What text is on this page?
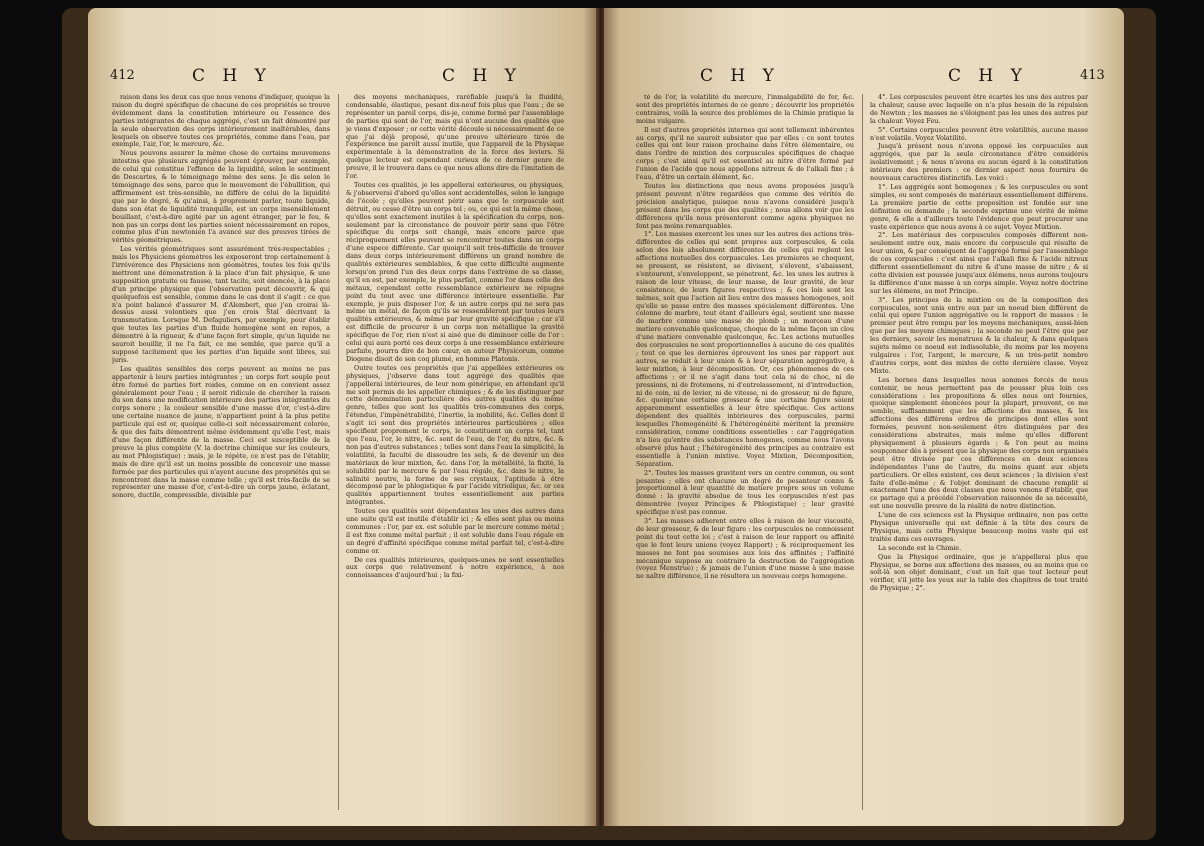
412	C H Y	C H Y

raison dans les deux cas que nous venons d'indiquer, quoique la raison du degré spécifique de chacune de ces propriétés se trouve évidemment dans la constitution intérieure ou l'essence des parties intégrantes de chaque aggrégé, c'est un fait démontré par la seule observation des corps intérieurement inaltérables, dans lesquels on observe toutes ces propriétés, comme dans l'eau, par exemple, l'air, l'or, le mercure, &c.

Nous pouvons assurer la même chose de certains mouvemens intestins que plusieurs aggrégés peuvent éprouver, par exemple, de celui qui constitue l'effence de la liquidité, selon le sentiment de Descartes, & le témoignage même des sens. Je dis selon le témoignage des sens, parce que le mouvement de l'ébullition, qui affirmement est très-sensible, ne diffère de celui de la liquidité que par le degré, & qu'ainsi, à proprement parler, toute liquide, dans son état de liquidité tranquille, est un corps insensiblement bouillant, c'est-à-dire agité par un agent étranger, par le feu, & non pas un corps dont les parties soient nécessairement en repos, comme plus d'un newtonien l'a avancé sur des preuves tirées de vérités géométriques.

Les vérités géométriques sont assurément très-respectables ; mais les Physiciens géomètres les exposeront trop certainement à l'irrévérence des Physiciens non géomètres, toutes les fois qu'ils mettront une démonstration à la place d'un fait physique, & une supposition gratuite ou fausse, tant tacite, soit énoncée, à la place d'un principe physique que l'observation peut découvrir, & qui quelquefois est sensible, comme dans le cas dont il s'agit : ce que n'a point balancé d'assurer M. d'Alembert, que j'en croirai là-dessus aussi volontiers que j'en crois Stal décrivant la transmutation. Lorsque M. Defaguliers, par exemple, pour établir que toutes les parties d'un fluide homogène sont en repos, a démontré à la rigueur, & d'une façon fort simple, qu'un liquide ne sauroit bouillir, il ne l'a fait, ce me semble, que parce qu'il a supposé tacitement que les parties d'un liquide sont libres, sui juris.

Les qualités sensibles des corps peuvent au moins ne pas appartenir à leurs parties intégrantes ; un corps fort souple peut être formé de parties fort roides, comme on en convient assez généralement pour l'eau ; il seroit ridicule de chercher la raison du son dans une modification intérieure des parties intégrantes du corps sonore ; la couleur sensible d'une masse d'or, c'est-à-dire une certaine nuance de jaune, n'appartient point à la plus petite particule qui est or, quoique celle-ci soit nécessairement colorée, & que des faits démontrent même évidemment qu'elle l'est, mais d'une façon différente de la masse. Ceci est susceptible de la preuve la plus complète (V. la doctrine chimique sur les couleurs, au mot Phlogistique) : mais, je le répète, ce n'est pas de l'établir, mais de dire qu'il est un moins possible de concevoir une masse formée par des particules qui n'ayent aucune des propriétés qui se rencontrent dans la masse comme telle ; qu'il est très-facile de se représenter une masse d'or, c'est-à-dire un corps jaune, éclatant, sonore, ductile, compressible, divisible par

des moyens méchaniques, raréfiable jusqu'à la fluidité, condensable, élastique, pesant dix-neuf fois plus que l'eau ; de se représenter un pareil corps, dis-je, comme formé par l'assemblage de parties qui sont de l'or, mais qui n'ont aucune des qualités que je viens d'exposer ; or cette vérité découle si nécessairement de ce que j'ai déjà proposé, qu'une preuve ultérieure tirée de l'expérience me paroît aussi inutile, que l'appareil de la Physique expérimentale à la démonstration de la force des leviers. Si quelque lecteur est cependant curieux de ce dernier genre de preuve, il le trouvera dans ce que nous allons dire de l'imitation de l'or.

Toutes ces qualités, je les appellerai extérieures, ou physiques, & j'observerai d'abord qu'elles sont accidentelles, selon le langage de l'école ; qu'elles peuvent périr sans que le corpuscule soit détruit, ou cesse d'être un corps tel ; ou, ce qui est la même chose, qu'elles sont exactement inutiles à la spécification du corps, non-seulement par la circonstance de pouvoir périr sans que l'être spécifique du corps soit changé, mais encore parce que réciproquement elles peuvent se rencontrer toutes dans un corps d'une espece différente. Car quoiqu'il soit très-difficile de trouver dans deux corps intérieurement différens un grand nombre de qualités extérieures semblables, & que cette difficulté augmente lorsqu'on prend l'un des deux corps dans l'extrème de sa classe, qu'il en est, par exemple, le plus parfait, comme l'or dans celle des métaux, cependant cette ressemblance extérieure ne répugne point du tout avec une différence intérieure essentielle. Par exemple, je puis disposer l'or, & un autre corps qui ne sera pas même un métal, de façon qu'ils se ressembleront par toutes leurs qualités extérieures, & même par leur gravité spécifique ; car s'il est difficile de procurer à un corps non métallique la gravité spécifique de l'or, rien n'est si aisé que de diminuer celle de l'or : celui qui aura porté ces deux corps à une ressemblance extérieure parfaite, pourra dire de bon cœur, en auteur Physicorum, comme Diogene disoit de son coq plumé, en homme Platonis.

Outre toutes ces propriétés que j'ai appellées extérieures ou physiques, j'observe dans tout aggrégé des qualités que j'appellerai intérieures, de leur nom générique, en attendant qu'il me soit permis de les appeller chimiques ; & de les distinguer par cette dénomination particulière des autres qualités du même genre, telles que sont les qualités très-communes des corps, l'étendue, l'impénétrabilité, l'inertie, la mobilité, &c. Celles dont il s'agit ici sont des propriétés intérieures particulières ; elles spécifient proprement le corps, le constituent un corps tel, tant que l'eau, l'or, le nitre, &c. sont de l'eau, de l'or, du nitre, &c. & non pas d'autres substances ; telles sont dans l'eau la simplicité, la volatilité, la faculté de dissoudre les sels, & de devenir un des matériaux de leur mixtion, &c. dans l'or, la métalléité, la fixité, la solubilité par le mercure & par l'eau régale, &c. dans le nitre, la salinité neutre, la forme de ses crystaux, l'aptitude à être décomposé par le phlogistique & par l'acide vitriolique, &c. or ces qualités appartiennent toutes essentiellement aux parties intégrantes.

Toutes ces qualités sont dépendantes les unes des autres dans une suite qu'il est inutile d'établir ici ; & elles sont plus ou moins communes : l'or, par ex. est soluble par le mercure comme métal ; il est fixe comme métal parfait ; il est soluble dans l'eau régale en un degré d'affinité spécifique comme métal parfait tel, c'est-à-dire comme or.

De ces qualités intérieures, quelques-unes ne sont essentielles aux corps que relativement à notre expérience, à nos connoissances d'aujourd'hui ; la fixi-

C H Y	C H Y	413

té de l'or, la volatilité du mercure, l'inmalgabilité de fer, &c. sont des propriétés internes de ce genre ; découvrir les propriétés contraires, voilà la source des problèmes de la Chimie pratique la moins vulgaire.

Il est d'autres propriétés internes qui sont tellement inhérentes au corps, qu'il ne sauroit subsister que par elles : ce sont toutes celles qui ont leur raison prochaine dans l'être élémentaire, ou dans l'ordre de mixtion des corpuscules spécifiques de chaque corps ; c'est ainsi qu'il est essentiel au nitre d'être formé par l'union de l'acide que nous appellons nitreux & de l'alkali fixe ; à l'eau, d'être un certain élément, &c.

Toutes les distinctions que nous avons proposées jusqu'à présent peuvent n'être regardées que comme des vérités de précision analytique, puisque nous n'avons considéré jusqu'à présent dans les corps que des qualités ; nous allons voir que les différences qu'ils nous présenteront comme agens physiques ne font pas moins remarquables.

1°. Les masses exercent les unes sur les autres des actions très-différentes de celles qui sont propres aux corpuscules, & cela selon des lois absolument différentes de celles qui reglent les affections mutuelles des corpuscules. Les premieres se choquent, se pressent, se résistent, se divisent, s'élevent, s'abaissent, s'entourent, s'enveloppent, se pénetrent, &c. les unes les autres à raison de leur vitesse, de leur masse, de leur gravité, de leur consistence, de leurs figures respectives ; & ces lois sont les mêmes, soit que l'action ait lieu entre des masses homogenes, soit qu'elle se passe entre des masses spécialement différentes. Une colonne de marbre, tout étant d'ailleurs égal, soutient une masse de marbre comme une masse de plomb ; un morceau d'une matiere convenable quelconque, choque de la même façon un clou d'une matiere convenable quelconque, &c. Les actions mutuelles des corpuscules ne sont proportionnelles à aucune de ces qualités ; tout ce que les dernieres éprouvent les unes par rapport aux autres, se réduit à leur union & à leur séparation aggrégative, à leur mixtion, à leur décomposition. Or, ces phénomenes de ces affections : or il ne s'agit dans tout cela ni de choc, ni de pressions, ni de frotemens, ni d'entrelassement, ni d'introduction, ni de coin, ni de levier, ni de vitesse, ni de grosseur, ni de figure, &c. quoiqu'une certaine grosseur & une certaine figure soient apparemment essentielles à leur être spécifique. Ces actions dépendent des qualités intérieures des corpuscules, parmi lesquelles l'homogénéité & l'hétérogénéité méritent la première considération, comme conditions essentielles : car l'aggrégation n'a lieu qu'entre des substances homogenes, comme nous l'avons observé plus haut ; l'hétérogénéité des principes au contraire est essentielle à l'union mixtive. Voyez Mixtion, Décomposition, Séparation.

2°. Toutes les masses gravitent vers un centre commun, ou sont pesantes ; elles ont chacune un degré de pesanteur connu & proportionnel à leur quantité de matiere propre sous un volume donné : la gravité absolue de tous les corpuscules n'est pas démontrée (voyez Principes & Phlogistique) ; leur gravité spécifique n'est pas connue.

3°. Les masses adherent entre elles à raison de leur viscosité, de leur grosseur, & de leur figure : les corpuscules ne connoissent point du tout cette loi ; c'est à raison de leur rapport ou affinité que le font leurs unions (voyez Rapport) ; & réciproquement les masses ne font pas soumises aux lois des affinités ; l'affinité mécanique suppose au contraire la destruction de l'aggrégation (voyez Menstrue) ; & jamais de l'union d'une masse à une masse ne naître différence, il ne résultera un nouveau corps homogene.

4°. Les corpuscules peuvent être écartés les uns des autres par la chaleur, cause avec laquelle on n'a plus besoin de la répulsion de Newton ; les masses ne s'éloignent pas les unes des autres par la chaleur. Voyez Feu.

5°. Certains corpuscules peuvent être volatilités, aucune masse n'est volatile. Voyez Volatilité.

Jusqu'à présent nous n'avons opposé les corpuscules aux aggrégés, que par la seule circonstance d'être considérés isolativement ; & nous n'avons eu aucun égard à la constitution intérieure des premiers : ce dernier aspect nous fournira de nouveaux caractères distinctifs. Les voici :

1°. Les aggrégés sont homogenes ; & les corpuscules ou sont simples, ou sont composés de matériaux essentiellement différens. La première partie de cette proposition est fondée sur une définition ou demande ; la seconde exprime une vérité de même genre, & elle a d'ailleurs toute l'évidence que peut procurer une vaste expérience que nous avons à ce sujet. Voyez Mixtion.

2°. Les matériaux des corpuscules composés different non-seulement entre eux, mais encore du corpuscule qui résulte de leur union, & par conséquent de l'aggrégé formé par l'assemblage de ces corpuscules : c'est ainsi que l'alkali fixe & l'acide nitreux different essentiellement du nitre & d'une masse de nitre ; & si cette division est poussée jusqu'aux élémens, nous aurons toujours la différence d'une masse à un corps simple. Voyez notre doctrine sur les élémens, au mot Principe.

3°. Les principes de la mixtion ou de la composition des corpuscules, sont unis entre eux par un noeud bien différent de celui qui opere l'union aggrégative ou le rapport de masses : le premier peut être rompu par les moyens méchaniques, aussi-bien que par les moyens chimiques ; la seconde ne peut l'être que par les derniers, savoir les menstrues & la chaleur, & dans quelques sujets même ce noeud est indissoluble, du moins par les moyens vulgaires : l'or, l'argent, le mercure, & un très-petit nombre d'autres corps, sont des mixtes de cette dernière classe. Voyez Mixte.

Les bornes dans lesquelles nous sommes forcés de nous contenir, ne nous permettent pas de pousser plus loin ces considérations : les propositions & elles nous ont fournies, quoique simplement énoncées pour la plupart, prouvent, ce me semble, suffisamment que les affections des masses, & les affections des différens ordres de principes dont elles sont formées, peuvent non-seulement être distinguées par des considérations abstraites, mais même qu'elles different physiquement à plusieurs égards ; & l'on peut au moins soupçonner dès à présent que la physique des corps non organisés peut être divisée par ces différences en deux sciences indépendantes l'une de l'autre, du moins quant aux objets particuliers. Or elles existent, ces deux sciences ; la division s'est faite d'elle-même ; & l'objet dominant de chacune remplit si exactement l'une des deux classes que nous venons d'établir, que ce partage qui a précédé l'observation raisonnée de sa nécessité, est une nouvelle preuve de la réalité de notre distinction.

L'une de ces sciences est la Physique ordinaire, non pas cette Physique universelle qui est définie à la tête des cours de Physique, mais cette Physique beaucoup moins vaste qui est traitée dans ces ouvrages.

La seconde est la Chimie.

Que la Physique ordinaire, que je n'appellerai plus que Physique, se borne aux affections des masses, ou au moins que ce soit-là son objet dominant, c'est un fait que tout lecteur peut vérifier, s'il jette les yeux sur la table des chapitres de tout traité de Physique ; 2°.
